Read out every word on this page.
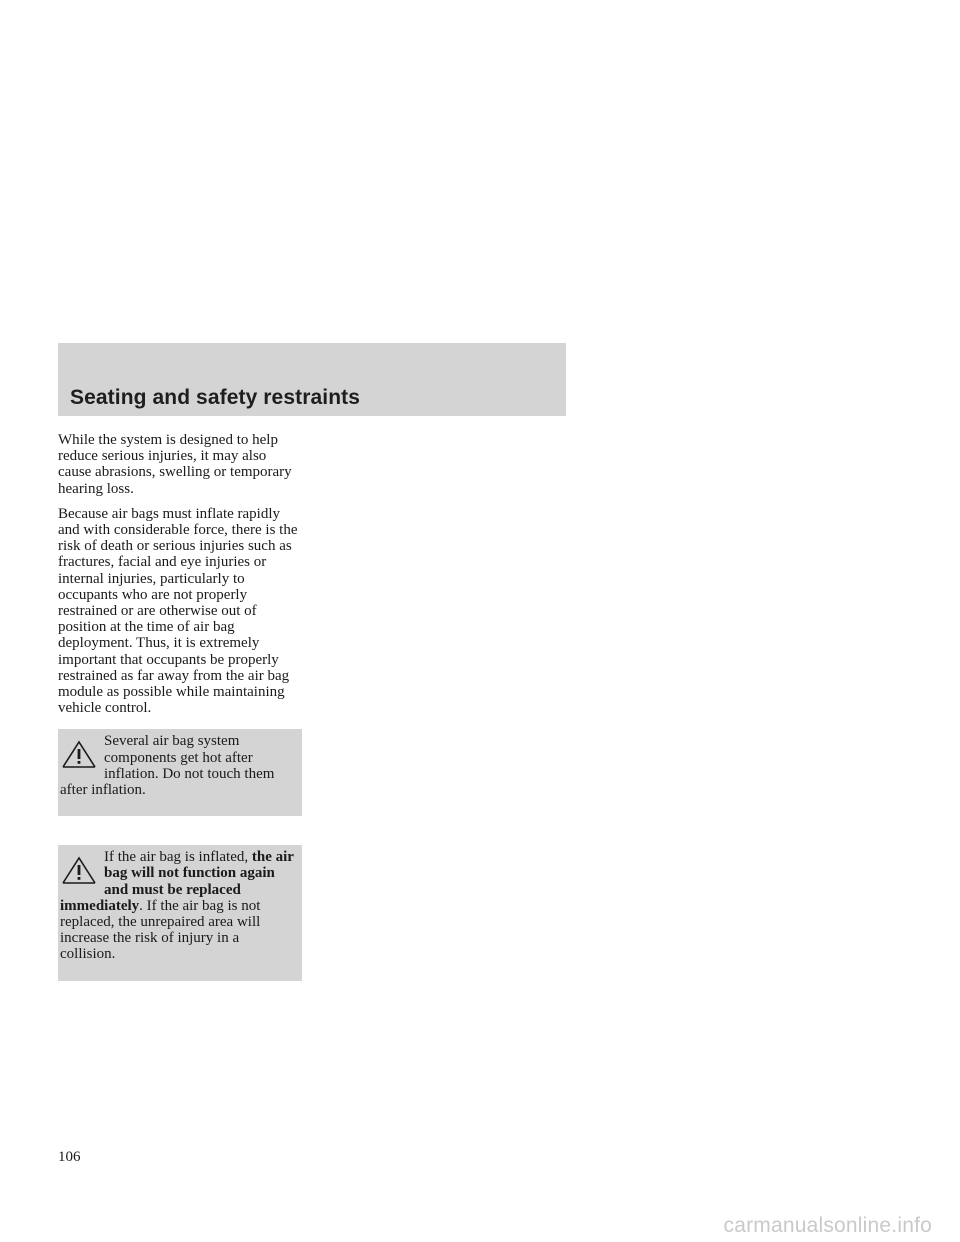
Seating and safety restraints

While the system is designed to help reduce serious injuries, it may also cause abrasions, swelling or temporary hearing loss.

Because air bags must inflate rapidly and with considerable force, there is the risk of death or serious injuries such as fractures, facial and eye injuries or internal injuries, particularly to occupants who are not properly restrained or are otherwise out of position at the time of air bag deployment. Thus, it is extremely important that occupants be properly restrained as far away from the air bag module as possible while maintaining vehicle control.

Several air bag system components get hot after inflation. Do not touch them after inflation.

If the air bag is inflated, the air bag will not function again and must be replaced immediately. If the air bag is not replaced, the unrepaired area will increase the risk of injury in a collision.

106
carmanualsonline.info
